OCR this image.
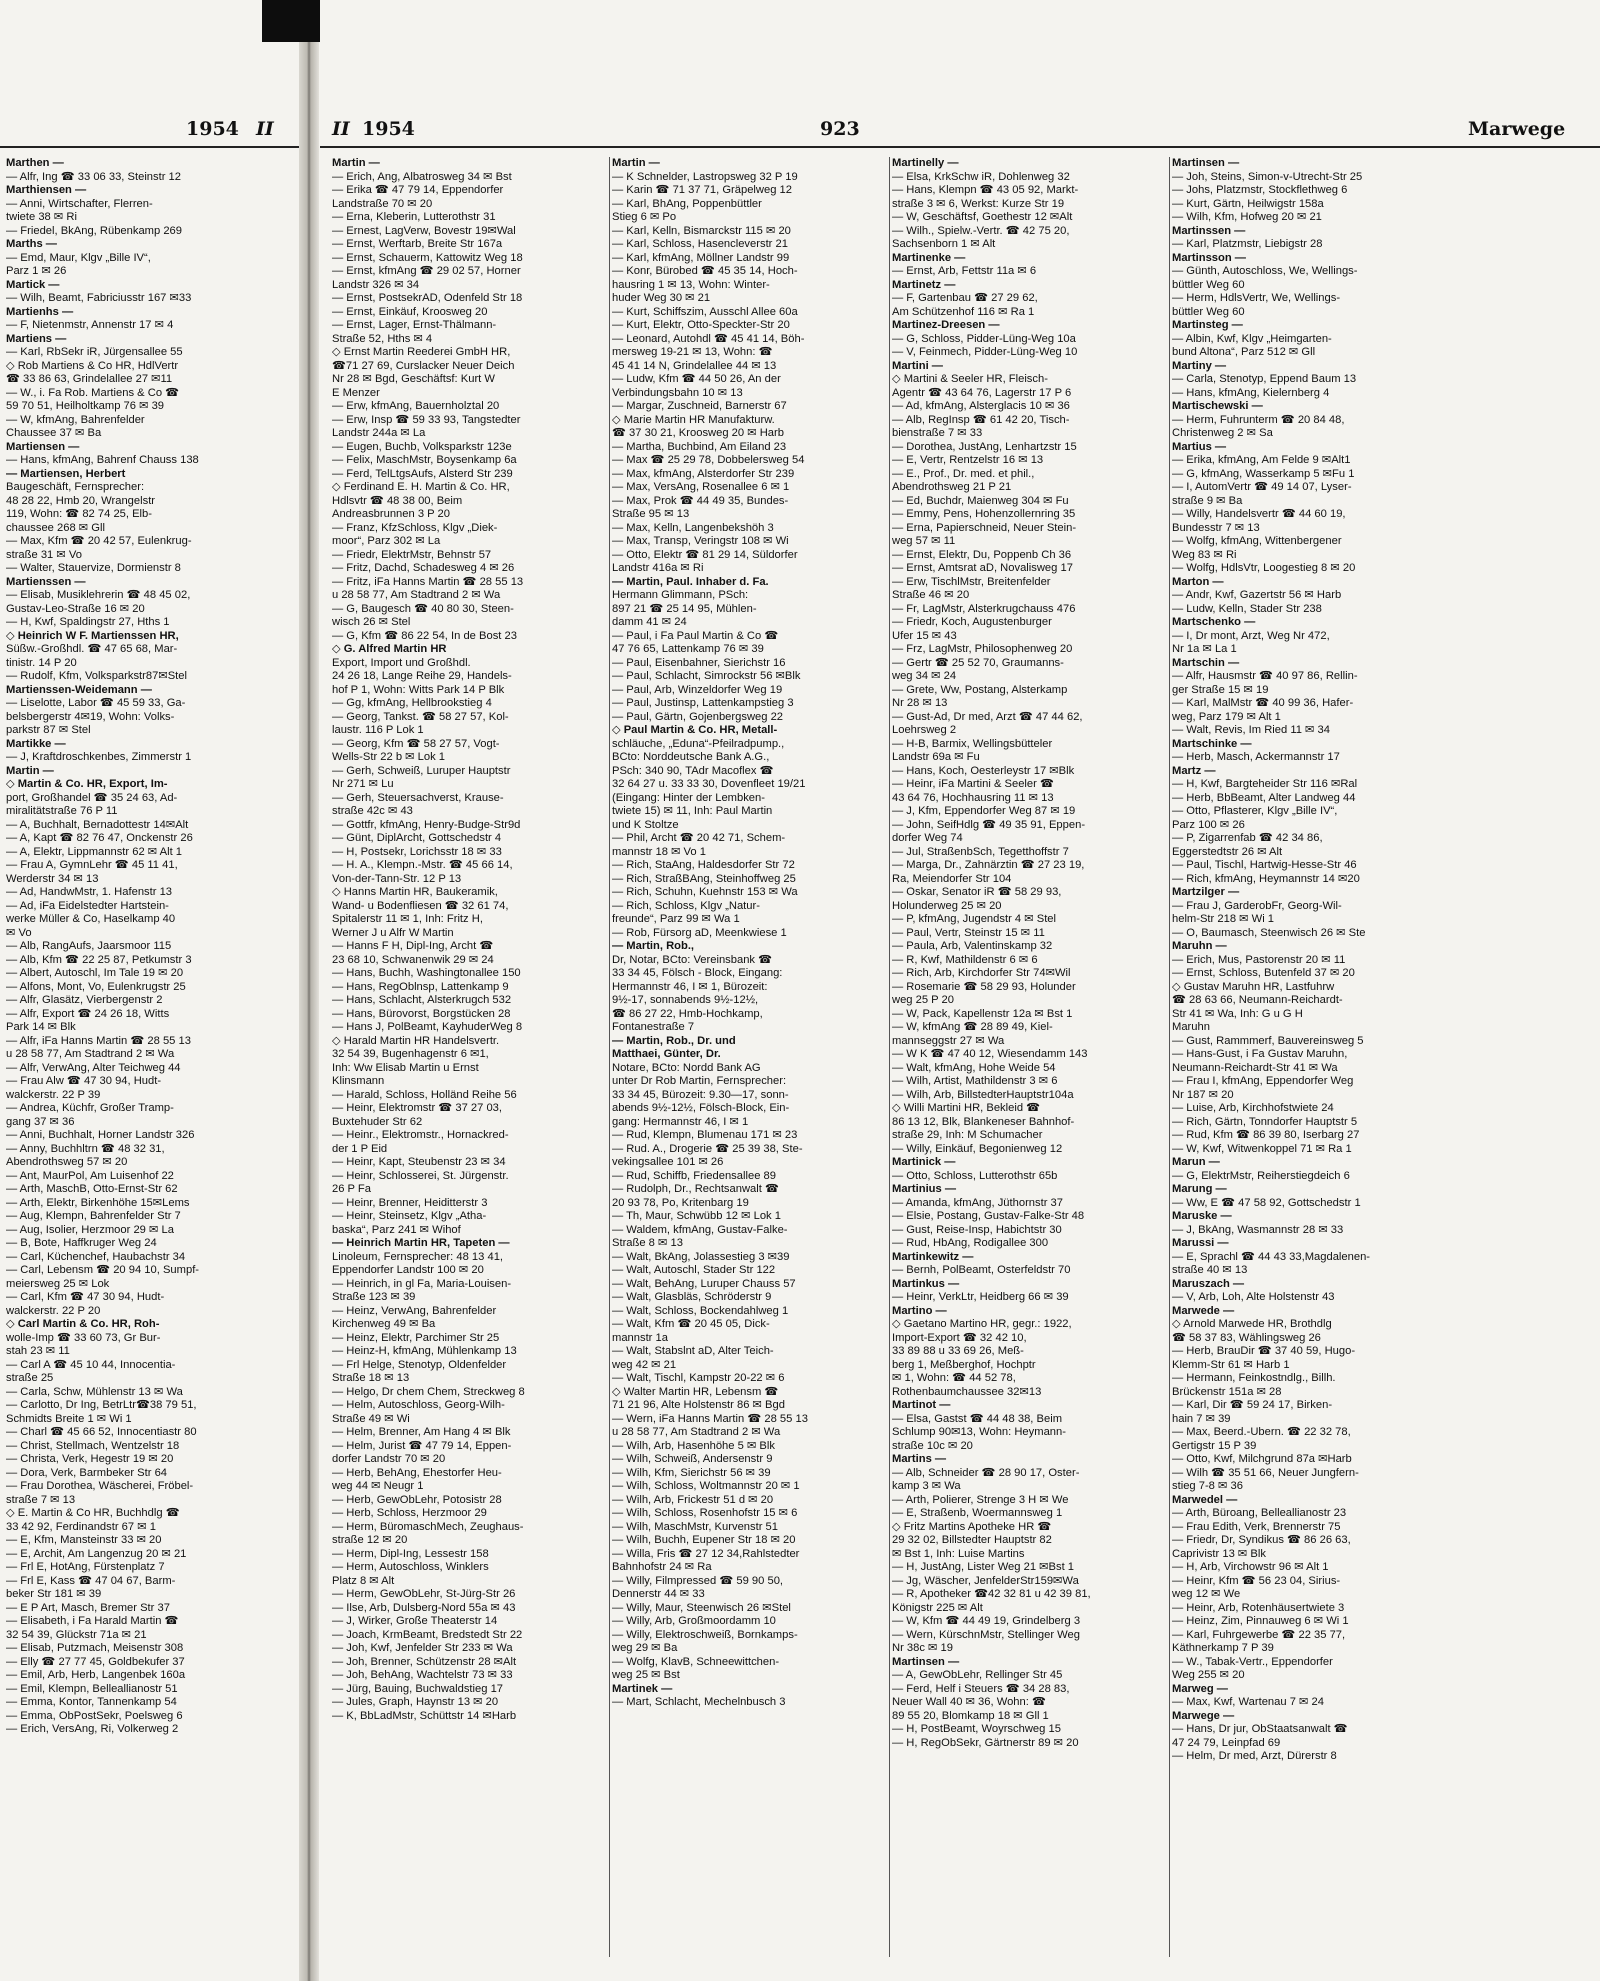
1954 II
Marthen —
— Alfr, Ing ☎ 33 06 33, Steinstr 12
Marthiensen —
— Anni, Wirtschafter, Flerren-
twiete 38 ✉ Ri
— Friedel, BkAng, Rübenkamp 269
Marths —
— Emd, Maur, Klgv „Bille IV“,
Parz 1 ✉ 26
Martick —
— Wilh, Beamt, Fabriciusstr 167 ✉33
Martienhs —
— F, Nietenmstr, Annenstr 17 ✉ 4
Martiens —
— Karl, RbSekr iR, Jürgensallee 55
◇ Rob Martiens & Co HR, HdlVertr
☎ 33 86 63, Grindelallee 27 ✉11
— W., i. Fa Rob. Martiens & Co ☎
59 70 51, Heilholtkamp 76 ✉ 39
— W, kfmAng, Bahrenfelder
Chaussee 37 ✉ Ba
Martiensen —
— Hans, kfmAng, Bahrenf Chauss 138
— Martiensen, Herbert
Baugeschäft, Fernsprecher:
48 28 22, Hmb 20, Wrangelstr
119, Wohn: ☎ 82 74 25, Elb-
chaussee 268 ✉ Gll
— Max, Kfm ☎ 20 42 57, Eulenkrug-
straße 31 ✉ Vo
— Walter, Stauervize, Dormienstr 8
Martienssen —
— Elisab, Musiklehrerin ☎ 48 45 02,
Gustav-Leo-Straße 16 ✉ 20
— H, Kwf, Spaldingstr 27, Hths 1
◇ Heinrich W F. Martienssen HR,
Süßw.-Großhdl. ☎ 47 65 68, Mar-
tinistr. 14 P 20
— Rudolf, Kfm, Volksparkstr87✉Stel
Martienssen-Weidemann —
— Liselotte, Labor ☎ 45 59 33, Ga-
belsbergerstr 4✉19, Wohn: Volks-
parkstr 87 ✉ Stel
Martikke —
— J, Kraftdroschkenbes, Zimmerstr 1
Martin —
◇ Martin & Co. HR, Export, Im-
port, Großhandel ☎ 35 24 63, Ad-
miralitätstraße 76 P 11
— A, Buchhalt, Bernadottestr 14✉Alt
— A, Kapt ☎ 82 76 47, Onckenstr 26
— A, Elektr, Lippmannstr 62 ✉ Alt 1
— Frau A, GymnLehr ☎ 45 11 41,
Werderstr 34 ✉ 13
— Ad, HandwMstr, 1. Hafenstr 13
— Ad, iFa Eidelstedter Hartstein-
werke Müller & Co, Haselkamp 40
✉ Vo
— Alb, RangAufs, Jaarsmoor 115
— Alb, Kfm ☎ 22 25 87, Petkumstr 3
— Albert, Autoschl, Im Tale 19 ✉ 20
— Alfons, Mont, Vo, Eulenkrugstr 25
— Alfr, Glasätz, Vierbergenstr 2
— Alfr, Export ☎ 24 26 18, Witts
Park 14 ✉ Blk
— Alfr, iFa Hanns Martin ☎ 28 55 13
u 28 58 77, Am Stadtrand 2 ✉ Wa
— Alfr, VerwAng, Alter Teichweg 44
— Frau Alw ☎ 47 30 94, Hudt-
walckerstr. 22 P 39
— Andrea, Küchfr, Großer Tramp-
gang 37 ✉ 36
— Anni, Buchhalt, Horner Landstr 326
— Anny, Buchhltrn ☎ 48 32 31,
Abendrothsweg 57 ✉ 20
— Ant, MaurPol, Am Luisenhof 22
— Arth, MaschB, Otto-Ernst-Str 62
— Arth, Elektr, Birkenhöhe 15✉Lems
— Aug, Klempn, Bahrenfelder Str 7
— Aug, Isolier, Herzmoor 29 ✉ La
— B, Bote, Haffkruger Weg 24
— Carl, Küchenchef, Haubachstr 34
— Carl, Lebensm ☎ 20 94 10, Sumpf-
meiersweg 25 ✉ Lok
— Carl, Kfm ☎ 47 30 94, Hudt-
walckerstr. 22 P 20
◇ Carl Martin & Co. HR, Roh-
wolle-Imp ☎ 33 60 73, Gr Bur-
stah 23 ✉ 11
— Carl A ☎ 45 10 44, Innocentia-
straße 25
— Carla, Schw, Mühlenstr 13 ✉ Wa
— Carlotto, Dr Ing, BetrLtr☎38 79 51,
Schmidts Breite 1 ✉ Wi 1
— Charl ☎ 45 66 52, Innocentiastr 80
— Christ, Stellmach, Wentzelstr 18
— Christa, Verk, Hegestr 19 ✉ 20
— Dora, Verk, Barmbeker Str 64
— Frau Dorothea, Wäscherei, Fröbel-
straße 7 ✉ 13
◇ E. Martin & Co HR, Buchhdlg ☎
33 42 92, Ferdinandstr 67 ✉ 1
— E, Kfm, Mansteinstr 33 ✉ 20
— E, Archit, Am Langenzug 20 ✉ 21
— Frl E, HotAng, Fürstenplatz 7
— Frl E, Kass ☎ 47 04 67, Barm-
beker Str 181 ✉ 39
— E P Art, Masch, Bremer Str 37
— Elisabeth, i Fa Harald Martin ☎
32 54 39, Glückstr 71a ✉ 21
— Elisab, Putzmach, Meisenstr 308
— Elly ☎ 27 77 45, Goldbekufer 37
— Emil, Arb, Herb, Langenbek 160a
— Emil, Klempn, Belleallianostr 51
— Emma, Kontor, Tannenkamp 54
— Emma, ObPostSekr, Poelsweg 6
— Erich, VersAng, Ri, Volkerweg 2
II 1954	923	Marwege
Martin —
— Erich, Ang, Albatrosweg 34 ✉ Bst
— Erika ☎ 47 79 14, Eppendorfer
Landstraße 70 ✉ 20
— Erna, Kleberin, Lutterothstr 31
— Ernest, LagVerw, Bovestr 19✉Wal
— Ernst, Werftarb, Breite Str 167a
— Ernst, Schauerm, Kattowitz Weg 18
— Ernst, kfmAng ☎ 29 02 57, Horner
Landstr 326 ✉ 34
— Ernst, PostsekrAD, Odenfeld Str 18
— Ernst, Einkäuf, Kroosweg 20
— Ernst, Lager, Ernst-Thälmann-
Straße 52, Hths ✉ 4
◇ Ernst Martin Reederei GmbH HR,
☎71 27 69, Curslacker Neuer Deich
Nr 28 ✉ Bgd, Geschäftsf: Kurt W
E Menzer
— Erw, kfmAng, Bauernholztal 20
— Erw, Insp ☎ 59 33 93, Tangstedter
Landstr 244a ✉ La
— Eugen, Buchb, Volksparkstr 123e
— Felix, MaschMstr, Boysenkamp 6a
— Ferd, TelLtgsAufs, Alsterd Str 239
◇ Ferdinand E. H. Martin & Co. HR,
Hdlsvtr ☎ 48 38 00, Beim
Andreasbrunnen 3 P 20
— Franz, KfzSchloss, Klgv „Diek-
moor“, Parz 302 ✉ La
— Friedr, ElektrMstr, Behnstr 57
— Fritz, Dachd, Schadesweg 4 ✉ 26
— Fritz, iFa Hanns Martin ☎ 28 55 13
u 28 58 77, Am Stadtrand 2 ✉ Wa
— G, Baugesch ☎ 40 80 30, Steen-
wisch 26 ✉ Stel
— G, Kfm ☎ 86 22 54, In de Bost 23
◇ G. Alfred Martin HR
Export, Import und Großhdl.
24 26 18, Lange Reihe 29, Handels-
hof P 1, Wohn: Witts Park 14 P Blk
— Gg, kfmAng, Hellbrookstieg 4
— Georg, Tankst. ☎ 58 27 57, Kol-
laustr. 116 P Lok 1
— Georg, Kfm ☎ 58 27 57, Vogt-
Wells-Str 22 b ✉ Lok 1
— Gerh, Schweiß, Luruper Hauptstr
Nr 271 ✉ Lu
— Gerh, Steuersachverst, Krause-
straße 42c ✉ 43
— Gottfr, kfmAng, Henry-Budge-Str9d
— Günt, DiplArcht, Gottschedstr 4
— H, Postsekr, Lorichsstr 18 ✉ 33
— H. A., Klempn.-Mstr. ☎ 45 66 14,
Von-der-Tann-Str. 12 P 13
◇ Hanns Martin HR, Baukeramik,
Wand- u Bodenfliesen ☎ 32 61 74,
Spitalerstr 11 ✉ 1, Inh: Fritz H,
Werner J u Alfr W Martin
— Hanns F H, Dipl-Ing, Archt ☎
23 68 10, Schwanenwik 29 ✉ 24
— Hans, Buchh, Washingtonallee 150
— Hans, RegOblnsp, Lattenkamp 9
— Hans, Schlacht, Alsterkrugch 532
— Hans, Bürovorst, Borgstücken 28
— Hans J, PolBeamt, KayhuderWeg 8
◇ Harald Martin HR Handelsvertr.
32 54 39, Bugenhagenstr 6 ✉1,
Inh: Ww Elisab Martin u Ernst
Klinsmann
— Harald, Schloss, Holländ Reihe 56
— Heinr, Elektromstr ☎ 37 27 03,
Buxtehuder Str 62
— Heinr., Elektromstr., Hornackred-
der 1 P Eid
— Heinr, Kapt, Steubenstr 23 ✉ 34
— Heinr, Schlosserei, St. Jürgenstr.
26 P Fa
— Heinr, Brenner, Heiditterstr 3
— Heinr, Steinsetz, Klgv „Atha-
baska“, Parz 241 ✉ Wihof
— Heinrich Martin HR, Tapeten —
Linoleum, Fernsprecher: 48 13 41,
Eppendorfer Landstr 100 ✉ 20
— Heinrich, in gl Fa, Maria-Louisen-
Straße 123 ✉ 39
— Heinz, VerwAng, Bahrenfelder
Kirchenweg 49 ✉ Ba
— Heinz, Elektr, Parchimer Str 25
— Heinz-H, kfmAng, Mühlenkamp 13
— Frl Helge, Stenotyp, Oldenfelder
Straße 18 ✉ 13
— Helgo, Dr chem Chem, Streckweg 8
— Helm, Autoschloss, Georg-Wilh-
Straße 49 ✉ Wi
— Helm, Brenner, Am Hang 4 ✉ Blk
— Helm, Jurist ☎ 47 79 14, Eppen-
dorfer Landstr 70 ✉ 20
— Herb, BehAng, Ehestorfer Heu-
weg 44 ✉ Neugr 1
— Herb, GewObLehr, Potosistr 28
— Herb, Schloss, Herzmoor 29
— Herm, BüromaschMech, Zeughaus-
straße 12 ✉ 20
— Herm, Dipl-Ing, Lessestr 158
— Herm, Autoschloss, Winklers
Platz 8 ✉ Alt
— Herm, GewObLehr, St-Jürg-Str 26
— Ilse, Arb, Dulsberg-Nord 55a ✉ 43
— J, Wirker, Große Theaterstr 14
— Joach, KrmBeamt, Bredstedt Str 22
— Joh, Kwf, Jenfelder Str 233 ✉ Wa
— Joh, Brenner, Schützenstr 28 ✉Alt
— Joh, BehAng, Wachtelstr 73 ✉ 33
— Jürg, Bauing, Buchwaldstieg 17
— Jules, Graph, Haynstr 13 ✉ 20
— K, BbLadMstr, Schüttstr 14 ✉Harb
Martin —
— K Schnelder, Lastropsweg 32 P 19
— Karin ☎ 71 37 71, Gräpelweg 12
— Karl, BhAng, Poppenbüttler
Stieg 6 ✉ Po
— Karl, Kelln, Bismarckstr 115 ✉ 20
— Karl, Schloss, Hasencleverstr 21
— Karl, kfmAng, Möllner Landstr 99
— Konr, Bürobed ☎ 45 35 14, Hoch-
hausring 1 ✉ 13, Wohn: Winter-
huder Weg 30 ✉ 21
— Kurt, Schiffszim, Ausschl Allee 60a
— Kurt, Elektr, Otto-Speckter-Str 20
— Leonard, Autohdl ☎ 45 41 14, Böh-
mersweg 19-21 ✉ 13, Wohn: ☎
45 41 14 N, Grindelallee 44 ✉ 13
— Ludw, Kfm ☎ 44 50 26, An der
Verbindungsbahn 10 ✉ 13
— Margar, Zuschneid, Barnerstr 67
◇ Marie Martin HR Manufakturw.
☎ 37 30 21, Kroosweg 20 ✉ Harb
— Martha, Buchbind, Am Eiland 23
— Max ☎ 25 29 78, Dobbelersweg 54
— Max, kfmAng, Alsterdorfer Str 239
— Max, VersAng, Rosenallee 6 ✉ 1
— Max, Prok ☎ 44 49 35, Bundes-
Straße 95 ✉ 13
— Max, Kelln, Langenbekshöh 3
— Max, Transp, Veringstr 108 ✉ Wi
— Otto, Elektr ☎ 81 29 14, Süldorfer
Landstr 416a ✉ Ri
— Martin, Paul. Inhaber d. Fa.
Hermann Glimmann, PSch:
897 21 ☎ 25 14 95, Mühlen-
damm 41 ✉ 24
— Paul, i Fa Paul Martin & Co ☎
47 76 65, Lattenkamp 76 ✉ 39
— Paul, Eisenbahner, Sierichstr 16
— Paul, Schlacht, Simrockstr 56 ✉Blk
— Paul, Arb, Winzeldorfer Weg 19
— Paul, Justinsp, Lattenkampstieg 3
— Paul, Gärtn, Gojenbergsweg 22
◇ Paul Martin & Co. HR, Metall-
schläuche, „Eduna“-Pfeilradpump.,
BCto: Norddeutsche Bank A.G.,
PSch: 340 90, TAdr Macoflex ☎
32 64 27 u. 33 33 30, Dovenfleet 19/21
(Eingang: Hinter der Lembken-
twiete 15) ✉ 11, Inh: Paul Martin
und K Stoltze
— Phil, Archt ☎ 20 42 71, Schem-
mannstr 18 ✉ Vo 1
— Rich, StaAng, Haldesdorfer Str 72
— Rich, StraßBAng, Steinhoffweg 25
— Rich, Schuhn, Kuehnstr 153 ✉ Wa
— Rich, Schloss, Klgv „Natur-
freunde“, Parz 99 ✉ Wa 1
— Rob, Fürsorg aD, Meenkwiese 1
— Martin, Rob.,
Dr, Notar, BCto: Vereinsbank ☎
33 34 45, Fölsch - Block, Eingang:
Hermannstr 46, I ✉ 1, Bürozeit:
9½-17, sonnabends 9½-12½,
☎ 86 27 22, Hmb-Hochkamp,
Fontanestraße 7
— Martin, Rob., Dr. und
Matthaei, Günter, Dr.
Notare, BCto: Nordd Bank AG
unter Dr Rob Martin, Fernsprecher:
33 34 45, Bürozeit: 9.30—17, sonn-
abends 9½-12½, Fölsch-Block, Ein-
gang: Hermannstr 46, I ✉ 1
— Rud, Klempn, Blumenau 171 ✉ 23
— Rud. A., Drogerie ☎ 25 39 38, Ste-
vekingsallee 101 ✉ 26
— Rud, Schiffb, Friedensallee 89
— Rudolph, Dr., Rechtsanwalt ☎
20 93 78, Po, Kritenbarg 19
— Th, Maur, Schwübb 12 ✉ Lok 1
— Waldem, kfmAng, Gustav-Falke-
Straße 8 ✉ 13
— Walt, BkAng, Jolassestieg 3 ✉39
— Walt, Autoschl, Stader Str 122
— Walt, BehAng, Luruper Chauss 57
— Walt, Glasbläs, Schröderstr 9
— Walt, Schloss, Bockendahlweg 1
— Walt, Kfm ☎ 20 45 05, Dick-
mannstr 1a
— Walt, Stabslnt aD, Alter Teich-
weg 42 ✉ 21
— Walt, Tischl, Kampstr 20-22 ✉ 6
◇ Walter Martin HR, Lebensm ☎
71 21 96, Alte Holstenstr 86 ✉ Bgd
— Wern, iFa Hanns Martin ☎ 28 55 13
u 28 58 77, Am Stadtrand 2 ✉ Wa
— Wilh, Arb, Hasenhöhe 5 ✉ Blk
— Wilh, Schweiß, Andersenstr 9
— Wilh, Kfm, Sierichstr 56 ✉ 39
— Wilh, Schloss, Woltmannstr 20 ✉ 1
— Wilh, Arb, Frickestr 51 d ✉ 20
— Wilh, Schloss, Rosenhofstr 15 ✉ 6
— Wilh, MaschMstr, Kurvenstr 51
— Wilh, Buchh, Eupener Str 18 ✉ 20
— Willa, Fris ☎ 27 12 34,Rahlstedter
Bahnhofstr 24 ✉ Ra
— Willy, Filmpressed ☎ 59 90 50,
Dennerstr 44 ✉ 33
— Willy, Maur, Steenwisch 26 ✉Stel
— Willy, Arb, Großmoordamm 10
— Willy, Elektroschweiß, Bornkamps-
weg 29 ✉ Ba
— Wolfg, KlavB, Schneewittchen-
weg 25 ✉ Bst
Martinek —
— Mart, Schlacht, Mechelnbusch 3
Martinelly —
— Elsa, KrkSchw iR, Dohlenweg 32
— Hans, Klempn ☎ 43 05 92, Markt-
straße 3 ✉ 6, Werkst: Kurze Str 19
— W, Geschäftsf, Goethestr 12 ✉Alt
— Wilh., Spielw.-Vertr. ☎ 42 75 20,
Sachsenborn 1 ✉ Alt
Martinenke —
— Ernst, Arb, Fettstr 11a ✉ 6
Martinetz —
— F, Gartenbau ☎ 27 29 62,
Am Schützenhof 116 ✉ Ra 1
Martinez-Dreesen —
— G, Schloss, Pidder-Lüng-Weg 10a
— V, Feinmech, Pidder-Lüng-Weg 10
Martini —
◇ Martini & Seeler HR, Fleisch-
Agentr ☎ 43 64 76, Lagerstr 17 P 6
— Ad, kfmAng, Alsterglacis 10 ✉ 36
— Alb, RegInsp ☎ 61 42 20, Tisch-
bienstraße 7 ✉ 33
— Dorothea, JustAng, Lenhartzstr 15
— E, Vertr, Rentzelstr 16 ✉ 13
— E., Prof., Dr. med. et phil.,
Abendrothsweg 21 P 21
— Ed, Buchdr, Maienweg 304 ✉ Fu
— Emmy, Pens, Hohenzollernring 35
— Erna, Papierschneid, Neuer Stein-
weg 57 ✉ 11
— Ernst, Elektr, Du, Poppenb Ch 36
— Ernst, Amtsrat aD, Novalisweg 17
— Erw, TischlMstr, Breitenfelder
Straße 46 ✉ 20
— Fr, LagMstr, Alsterkrugchauss 476
— Friedr, Koch, Augustenburger
Ufer 15 ✉ 43
— Frz, LagMstr, Philosophenweg 20
— Gertr ☎ 25 52 70, Graumanns-
weg 34 ✉ 24
— Grete, Ww, Postang, Alsterkamp
Nr 28 ✉ 13
— Gust-Ad, Dr med, Arzt ☎ 47 44 62,
Loehrsweg 2
— H-B, Barmix, Wellingsbütteler
Landstr 69a ✉ Fu
— Hans, Koch, Oesterleystr 17 ✉Blk
— Heinr, iFa Martini & Seeler ☎
43 64 76, Hochhausring 11 ✉ 13
— J, Kfm, Eppendorfer Weg 87 ✉ 19
— John, SeifHdlg ☎ 49 35 91, Eppen-
dorfer Weg 74
— Jul, StraßenbSch, Tegetthoffstr 7
— Marga, Dr., Zahnärztin ☎ 27 23 19,
Ra, Meiendorfer Str 104
— Oskar, Senator iR ☎ 58 29 93,
Holunderweg 25 ✉ 20
— P, kfmAng, Jugendstr 4 ✉ Stel
— Paul, Vertr, Steinstr 15 ✉ 11
— Paula, Arb, Valentinskamp 32
— R, Kwf, Mathildenstr 6 ✉ 6
— Rich, Arb, Kirchdorfer Str 74✉Wil
— Rosemarie ☎ 58 29 93, Holunder
weg 25 P 20
— W, Pack, Kapellenstr 12a ✉ Bst 1
— W, kfmAng ☎ 28 89 49, Kiel-
mannseggstr 27 ✉ Wa
— W K ☎ 47 40 12, Wiesendamm 143
— Walt, kfmAng, Hohe Weide 54
— Wilh, Artist, Mathildenstr 3 ✉ 6
— Wilh, Arb, BillstedterHauptstr104a
◇ Willi Martini HR, Bekleid ☎
86 13 12, Blk, Blankeneser Bahnhof-
straße 29, Inh: M Schumacher
— Willy, Einkäuf, Begonienweg 12
Martinick —
— Otto, Schloss, Lutterothstr 65b
Martinius —
— Amanda, kfmAng, Jüthornstr 37
— Elsie, Postang, Gustav-Falke-Str 48
— Gust, Reise-Insp, Habichtstr 30
— Rud, HbAng, Rodigallee 300
Martinkewitz —
— Bernh, PolBeamt, Osterfeldstr 70
Martinkus —
— Heinr, VerkLtr, Heidberg 66 ✉ 39
Martino —
◇ Gaetano Martino HR, gegr.: 1922,
Import-Export ☎ 32 42 10,
33 89 88 u 33 69 26, Meß-
berg 1, Meßberghof, Hochptr
✉ 1, Wohn: ☎ 44 52 78,
Rothenbaumchaussee 32✉13
Martinot —
— Elsa, Gastst ☎ 44 48 38, Beim
Schlump 90✉13, Wohn: Heymann-
straße 10c ✉ 20
Martins —
— Alb, Schneider ☎ 28 90 17, Oster-
kamp 3 ✉ Wa
— Arth, Polierer, Strenge 3 H ✉ We
— E, Straßenb, Woermannsweg 1
◇ Fritz Martins Apotheke HR ☎
29 32 02, Billstedter Hauptstr 82
✉ Bst 1, Inh: Luise Martins
— H, JustAng, Lister Weg 21 ✉Bst 1
— Jg, Wäscher, JenfelderStr159✉Wa
— R, Apotheker ☎42 32 81 u 42 39 81,
Königstr 225 ✉ Alt
— W, Kfm ☎ 44 49 19, Grindelberg 3
— Wern, KürschnMstr, Stellinger Weg
Nr 38c ✉ 19
Martinsen —
— A, GewObLehr, Rellinger Str 45
— Ferd, Helf i Steuers ☎ 34 28 83,
Neuer Wall 40 ✉ 36, Wohn: ☎
89 55 20, Blomkamp 18 ✉ Gll 1
— H, PostBeamt, Woyrschweg 15
— H, RegObSekr, Gärtnerstr 89 ✉ 20
Martinsen —
— Joh, Steins, Simon-v-Utrecht-Str 25
— Johs, Platzmstr, Stockflethweg 6
— Kurt, Gärtn, Heilwigstr 158a
— Wilh, Kfm, Hofweg 20 ✉ 21
Martinssen —
— Karl, Platzmstr, Liebigstr 28
Martinsson —
— Günth, Autoschloss, We, Wellings-
büttler Weg 60
— Herm, HdlsVertr, We, Wellings-
büttler Weg 60
Martinsteg —
— Albin, Kwf, Klgv „Heimgarten-
bund Altona“, Parz 512 ✉ Gll
Martiny —
— Carla, Stenotyp, Eppend Baum 13
— Hans, kfmAng, Kielernberg 4
Martischewski —
— Herm, Fuhrunterm ☎ 20 84 48,
Christenweg 2 ✉ Sa
Martius —
— Erika, kfmAng, Am Felde 9 ✉Alt1
— G, kfmAng, Wasserkamp 5 ✉Fu 1
— I, AutomVertr ☎ 49 14 07, Lyser-
straße 9 ✉ Ba
— Willy, Handelsvertr ☎ 44 60 19,
Bundesstr 7 ✉ 13
— Wolfg, kfmAng, Wittenbergener
Weg 83 ✉ Ri
— Wolfg, HdlsVtr, Loogestieg 8 ✉ 20
Marton —
— Andr, Kwf, Gazertstr 56 ✉ Harb
— Ludw, Kelln, Stader Str 238
Martschenko —
— I, Dr mont, Arzt, Weg Nr 472,
Nr 1a ✉ La 1
Martschin —
— Alfr, Hausmstr ☎ 40 97 86, Rellin-
ger Straße 15 ✉ 19
— Karl, MalMstr ☎ 40 99 36, Hafer-
weg, Parz 179 ✉ Alt 1
— Walt, Revis, Im Ried 11 ✉ 34
Martschinke —
— Herb, Masch, Ackermannstr 17
Martz —
— H, Kwf, Bargteheider Str 116 ✉Ral
— Herb, BbBeamt, Alter Landweg 44
— Otto, Pflasterer, Klgv „Bille IV“,
Parz 100 ✉ 26
— P, Zigarrenfab ☎ 42 34 86,
Eggerstedtstr 26 ✉ Alt
— Paul, Tischl, Hartwig-Hesse-Str 46
— Rich, kfmAng, Heymannstr 14 ✉20
Martzilger —
— Frau J, GarderobFr, Georg-Wil-
helm-Str 218 ✉ Wi 1
— O, Baumasch, Steenwisch 26 ✉ Ste
Maruhn —
— Erich, Mus, Pastorenstr 20 ✉ 11
— Ernst, Schloss, Butenfeld 37 ✉ 20
◇ Gustav Maruhn HR, Lastfuhrw
☎ 28 63 66, Neumann-Reichardt-
Str 41 ✉ Wa, Inh: G u G H
Maruhn
— Gust, Rammmerf, Bauvereinsweg 5
— Hans-Gust, i Fa Gustav Maruhn,
Neumann-Reichardt-Str 41 ✉ Wa
— Frau I, kfmAng, Eppendorfer Weg
Nr 187 ✉ 20
— Luise, Arb, Kirchhofstwiete 24
— Rich, Gärtn, Tonndorfer Hauptstr 5
— Rud, Kfm ☎ 86 39 80, Iserbarg 27
— W, Kwf, Witwenkoppel 71 ✉ Ra 1
Marun —
— G, ElektrMstr, Reiherstiegdeich 6
Marung —
— Ww, E ☎ 47 58 92, Gottschedstr 1
Maruske —
— J, BkAng, Wasmannstr 28 ✉ 33
Marussi —
— E, Sprachl ☎ 44 43 33,Magdalenen-
straße 40 ✉ 13
Maruszach —
— V, Arb, Loh, Alte Holstenstr 43
Marwede —
◇ Arnold Marwede HR, Brothdlg
☎ 58 37 83, Wählingsweg 26
— Herb, BrauDir ☎ 37 40 59, Hugo-
Klemm-Str 61 ✉ Harb 1
— Hermann, Feinkostndlg., Billh.
Brückenstr 151a ✉ 28
— Karl, Dir ☎ 59 24 17, Birken-
hain 7 ✉ 39
— Max, Beerd.-Ubern. ☎ 22 32 78,
Gertigstr 15 P 39
— Otto, Kwf, Milchgrund 87a ✉Harb
— Wilh ☎ 35 51 66, Neuer Jungfern-
stieg 7-8 ✉ 36
Marwedel —
— Arth, Büroang, Belleallianostr 23
— Frau Edith, Verk, Brennerstr 75
— Friedr, Dr, Syndikus ☎ 86 26 63,
Caprivistr 13 ✉ Blk
— H, Arb, Virchowstr 96 ✉ Alt 1
— Heinr, Kfm ☎ 56 23 04, Sirius-
weg 12 ✉ We
— Heinr, Arb, Rotenhäusertwiete 3
— Heinz, Zim, Pinnauweg 6 ✉ Wi 1
— Karl, Fuhrgewerbe ☎ 22 35 77,
Käthnerkamp 7 P 39
— W., Tabak-Vertr., Eppendorfer
Weg 255 ✉ 20
Marweg —
— Max, Kwf, Wartenau 7 ✉ 24
Marwege —
— Hans, Dr jur, ObStaatsanwalt ☎
47 24 79, Leinpfad 69
— Helm, Dr med, Arzt, Dürerstr 8
